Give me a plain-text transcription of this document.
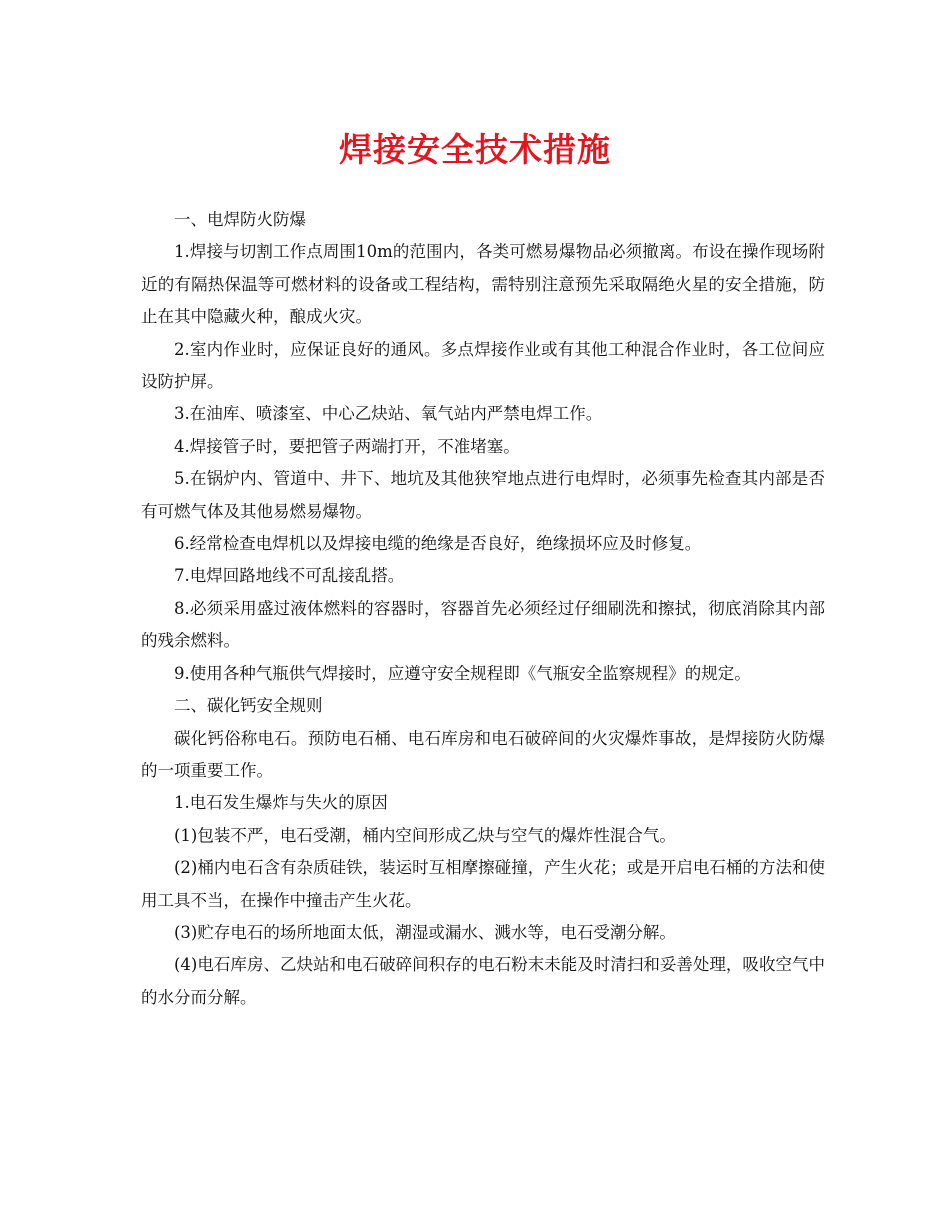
焊接安全技术措施

一、电焊防火防爆

1.焊接与切割工作点周围10m的范围内，各类可燃易爆物品必须撤离。布设在操作现场附近的有隔热保温等可燃材料的设备或工程结构，需特别注意预先采取隔绝火星的安全措施，防止在其中隐藏火种，酿成火灾。

2.室内作业时，应保证良好的通风。多点焊接作业或有其他工种混合作业时，各工位间应设防护屏。

3.在油库、喷漆室、中心乙炔站、氧气站内严禁电焊工作。

4.焊接管子时，要把管子两端打开，不准堵塞。

5.在锅炉内、管道中、井下、地坑及其他狭窄地点进行电焊时，必须事先检查其内部是否有可燃气体及其他易燃易爆物。

6.经常检查电焊机以及焊接电缆的绝缘是否良好，绝缘损坏应及时修复。

7.电焊回路地线不可乱接乱搭。

8.必须采用盛过液体燃料的容器时，容器首先必须经过仔细刷洗和擦拭，彻底消除其内部的残余燃料。

9.使用各种气瓶供气焊接时，应遵守安全规程即《气瓶安全监察规程》的规定。

二、碳化钙安全规则

碳化钙俗称电石。预防电石桶、电石库房和电石破碎间的火灾爆炸事故，是焊接防火防爆的一项重要工作。

1.电石发生爆炸与失火的原因

(1)包装不严，电石受潮，桶内空间形成乙炔与空气的爆炸性混合气。

(2)桶内电石含有杂质硅铁，装运时互相摩擦碰撞，产生火花；或是开启电石桶的方法和使用工具不当，在操作中撞击产生火花。

(3)贮存电石的场所地面太低，潮湿或漏水、溅水等，电石受潮分解。

(4)电石库房、乙炔站和电石破碎间积存的电石粉末未能及时清扫和妥善处理，吸收空气中的水分而分解。
